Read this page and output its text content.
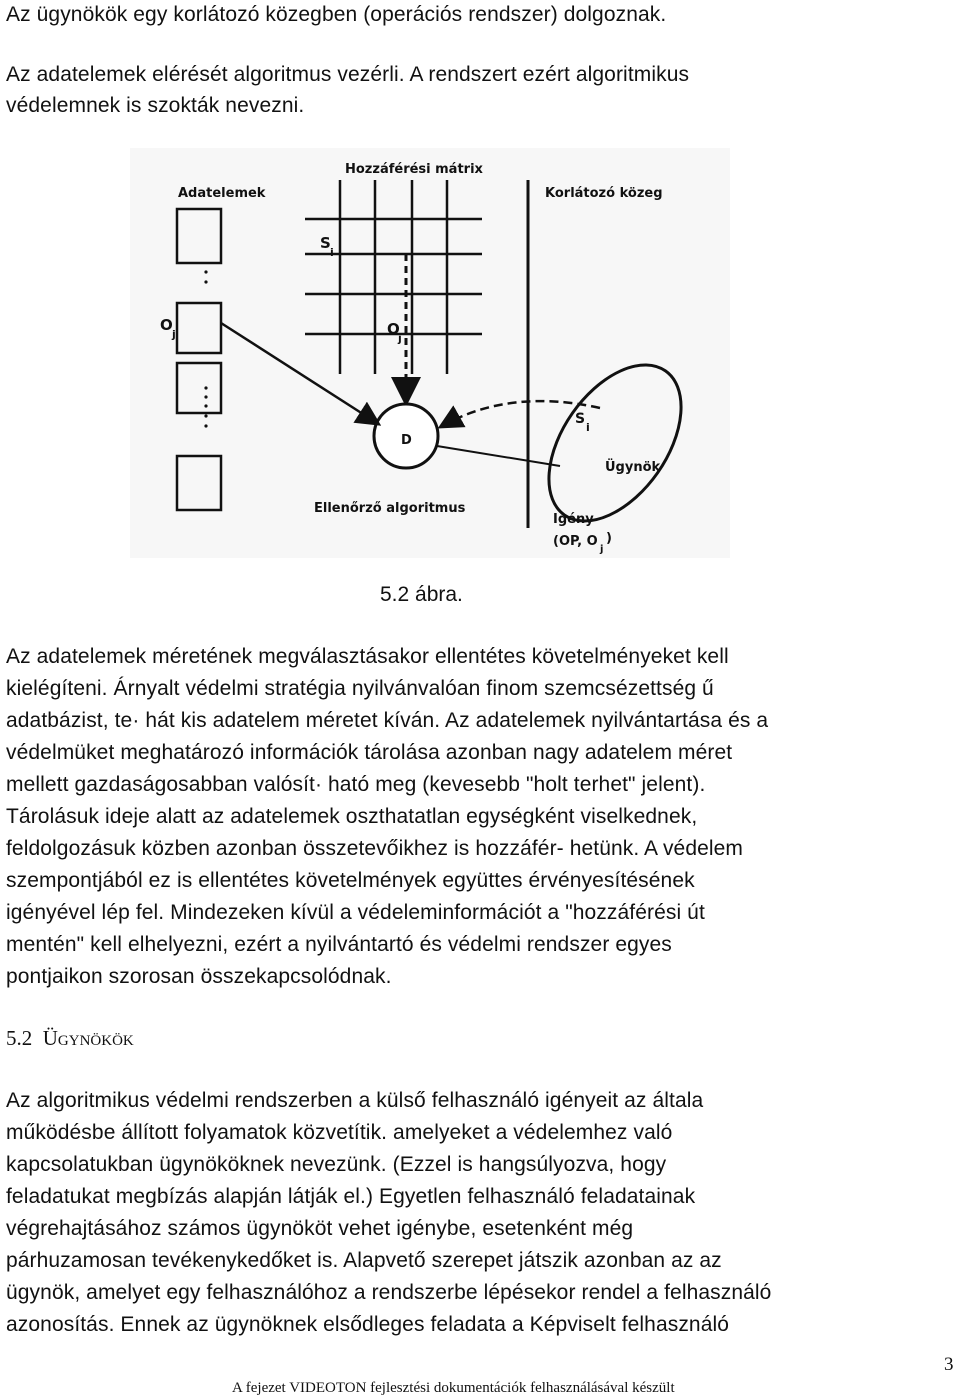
Az ügynökök egy korlátozó közegben (operációs rendszer) dolgoznak.
Az adatelemek elérését algoritmus vezérli. A rendszert ezért algoritmikus
védelemnek is szokták nevezni.
Hozzáférési mátrix
Adatelemek	Korlátozó közeg
S
i
O
j	O
j
D
Ellenőrző algoritmus
S
i
Ügynök
Igény
(OP, O
j
)
5.2 ábra.
Az adatelemek méretének megválasztásakor ellentétes követelményeket kell
kielégíteni. Árnyalt védelmi stratégia nyilvánvalóan finom szemcsézettség ű
adatbázist, te· hát kis adatelem méretet kíván. Az adatelemek nyilvántartása és a
védelmüket meghatározó információk tárolása azonban nagy adatelem méret
mellett gazdaságosabban valósít· ható meg (kevesebb "holt terhet" jelent).
Tárolásuk ideje alatt az adatelemek oszthatatlan egységként viselkednek,
feldolgozásuk közben azonban összetevőikhez is hozzáfér- hetünk. A védelem
szempontjából ez is ellentétes követelmények együttes érvényesítésének
igényével lép fel. Mindezeken kívül a védeleminformációt a "hozzáférési út
mentén" kell elhelyezni, ezért a nyilvántartó és védelmi rendszer egyes
pontjaikon szorosan összekapcsolódnak.
5.2 Ügynökök
Az algoritmikus védelmi rendszerben a külső felhasználó igényeit az általa
működésbe állított folyamatok közvetítik. amelyeket a védelemhez való
kapcsolatukban ügynököknek nevezünk. (Ezzel is hangsúlyozva, hogy
feladatukat megbízás alapján látják el.) Egyetlen felhasználó feladatainak
végrehajtásához számos ügynököt vehet igénybe, esetenként még
párhuzamosan tevékenykedőket is. Alapvető szerepet játszik azonban az az
ügynök, amelyet egy felhasználóhoz a rendszerbe lépésekor rendel a felhasználó
azonosítás. Ennek az ügynöknek elsődleges feladata a Képviselt felhasználó
3
A fejezet VIDEOTON fejlesztési dokumentációk felhasználásával készült
